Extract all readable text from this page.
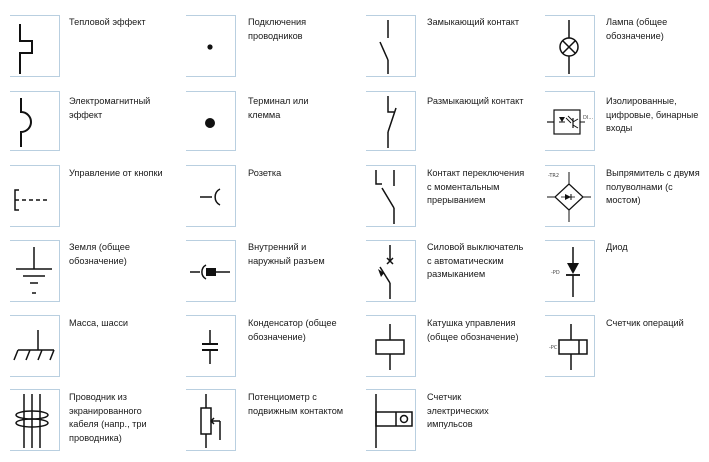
Тепловой эффект
Электромагнитный
эффект
Управление от кнопки
Земля (общее
обозначение)
Масса, шасси
Проводник из
экранированного
кабеля (напр., три
проводника)
Подключения
проводников
Терминал или
клемма
Розетка
Внутренний и
наружный разъем
Конденсатор (общее
обозначение)
Потенциометр с
подвижным контактом
Замыкающий контакт
Размыкающий контакт
Контакт переключения
с моментальным
прерыванием
Силовой выключатель
с автоматическим
размыканием
Катушка управления
(общее обозначение)
Счетчик
электрических
импульсов
Лампа (общее
обозначение)
DI...
Изолированные,
цифровые, бинарные
входы
-TR2	Выпрямитель с двумя
полуволнами (с
мостом)
-PD
Диод
-PC
Счетчик операций
